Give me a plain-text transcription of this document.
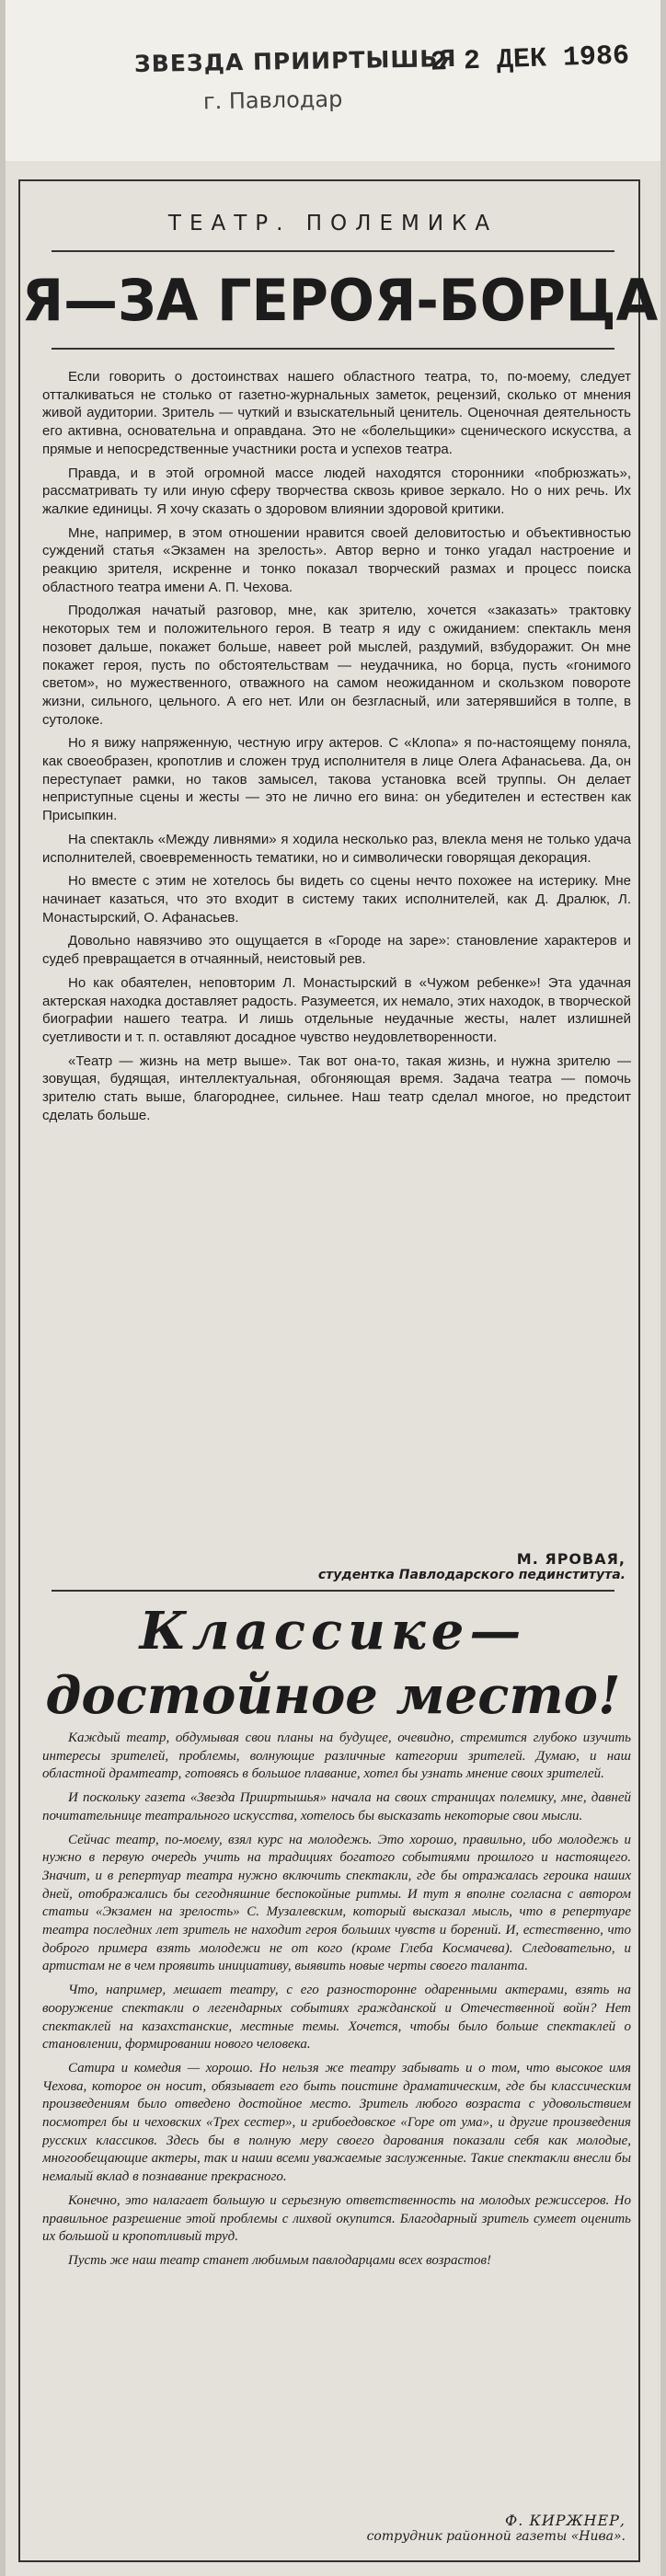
ЗВЕЗДА ПРИИРТЫШЬЯ
г. Павлодар
2 2 ДЕК 1986
ТЕАТР. ПОЛЕМИКА
Я—ЗА ГЕРОЯ-БОРЦА

Если говорить о достоинствах нашего областного театра, то, по-моему, следует отталкиваться не столько от газетно-журнальных заметок, рецензий, сколько от мнения живой аудитории. Зритель — чуткий и взыскательный ценитель. Оценочная деятельность его активна, основательна и оправдана. Это не «болельщики» сценического искусства, а прямые и непосредственные участники роста и успехов театра.

Правда, и в этой огромной массе людей находятся сторонники «побрюзжать», рассматривать ту или иную сферу творчества сквозь кривое зеркало. Но о них речь. Их жалкие единицы. Я хочу сказать о здоровом влиянии здоровой критики.

Мне, например, в этом отношении нравится своей деловитостью и объективностью суждений статья «Экзамен на зрелость». Автор верно и тонко угадал настроение и реакцию зрителя, искренне и тонко показал творческий размах и процесс поиска областного театра имени А. П. Чехова.

Продолжая начатый разговор, мне, как зрителю, хочется «заказать» трактовку некоторых тем и положительного героя. В театр я иду с ожиданием: спектакль меня позовет дальше, покажет больше, навеет рой мыслей, раздумий, взбудоражит. Он мне покажет героя, пусть по обстоятельствам — неудачника, но борца, пусть «гонимого светом», но мужественного, отважного на самом неожиданном и скользком повороте жизни, сильного, цельного. А его нет. Или он безгласный, или затерявшийся в толпе, в сутолоке.

Но я вижу напряженную, честную игру актеров. С «Клопа» я по-настоящему поняла, как своеобразен, кропотлив и сложен труд исполнителя в лице Олега Афанасьева. Да, он переступает рамки, но таков замысел, такова установка всей труппы. Он делает неприступные сцены и жесты — это не лично его вина: он убедителен и естествен как Присыпкин.

На спектакль «Между ливнями» я ходила несколько раз, влекла меня не только удача исполнителей, своевременность тематики, но и символически говорящая декорация.

Но вместе с этим не хотелось бы видеть со сцены нечто похожее на истерику. Мне начинает казаться, что это входит в систему таких исполнителей, как Д. Дралюк, Л. Монастырский, О. Афанасьев.

Довольно навязчиво это ощущается в «Городе на заре»: становление характеров и судеб превращается в отчаянный, неистовый рев.

Но как обаятелен, неповторим Л. Монастырский в «Чужом ребенке»! Эта удачная актерская находка доставляет радость. Разумеется, их немало, этих находок, в творческой биографии нашего театра. И лишь отдельные неудачные жесты, налет излишней суетливости и т. п. оставляют досадное чувство неудовлетворенности.

«Театр — жизнь на метр выше». Так вот она-то, такая жизнь, и нужна зрителю — зовущая, будящая, интеллектуальная, обгоняющая время. Задача театра — помочь зрителю стать выше, благороднее, сильнее. Наш театр сделал многое, но предстоит сделать больше.

М. ЯРОВАЯ,
студентка Павлодарского пединститута.
Классике—
достойное место!

Каждый театр, обдумывая свои планы на будущее, очевидно, стремится глубоко изучить интересы зрителей, проблемы, волнующие различные категории зрителей. Думаю, и наш областной драмтеатр, готовясь в большое плавание, хотел бы узнать мнение своих зрителей.

И поскольку газета «Звезда Прииртышья» начала на своих страницах полемику, мне, давней почитательнице театрального искусства, хотелось бы высказать некоторые свои мысли.

Сейчас театр, по-моему, взял курс на молодежь. Это хорошо, правильно, ибо молодежь и нужно в первую очередь учить на традициях богатого событиями прошлого и настоящего. Значит, и в репертуар театра нужно включить спектакли, где бы отражалась героика наших дней, отображались бы сегодняшние беспокойные ритмы. И тут я вполне согласна с автором статьи «Экзамен на зрелость» С. Музалевским, который высказал мысль, что в репертуаре театра последних лет зритель не находит героя больших чувств и борений. И, естественно, что доброго примера взять молодежи не от кого (кроме Глеба Космачева). Следовательно, и артистам не в чем проявить инициативу, выявить новые черты своего таланта.

Что, например, мешает театру, с его разносторонне одаренными актерами, взять на вооружение спектакли о легендарных событиях гражданской и Отечественной войн? Нет спектаклей на казахстанские, местные темы. Хочется, чтобы было больше спектаклей о становлении, формировании нового человека.

Сатира и комедия — хорошо. Но нельзя же театру забывать и о том, что высокое имя Чехова, которое он носит, обязывает его быть поистине драматическим, где бы классическим произведениям было отведено достойное место. Зритель любого возраста с удовольствием посмотрел бы и чеховских «Трех сестер», и грибоедовское «Горе от ума», и другие произведения русских классиков. Здесь бы в полную меру своего дарования показали себя как молодые, многообещающие актеры, так и наши всеми уважаемые заслуженные. Такие спектакли внесли бы немалый вклад в познавание прекрасного.

Конечно, это налагает большую и серьезную ответственность на молодых режиссеров. Но правильное разрешение этой проблемы с лихвой окупится. Благодарный зритель сумеет оценить их большой и кропотливый труд.

Пусть же наш театр станет любимым павлодарцами всех возрастов!

Ф. КИРЖНЕР,
сотрудник районной газеты «Нива».
